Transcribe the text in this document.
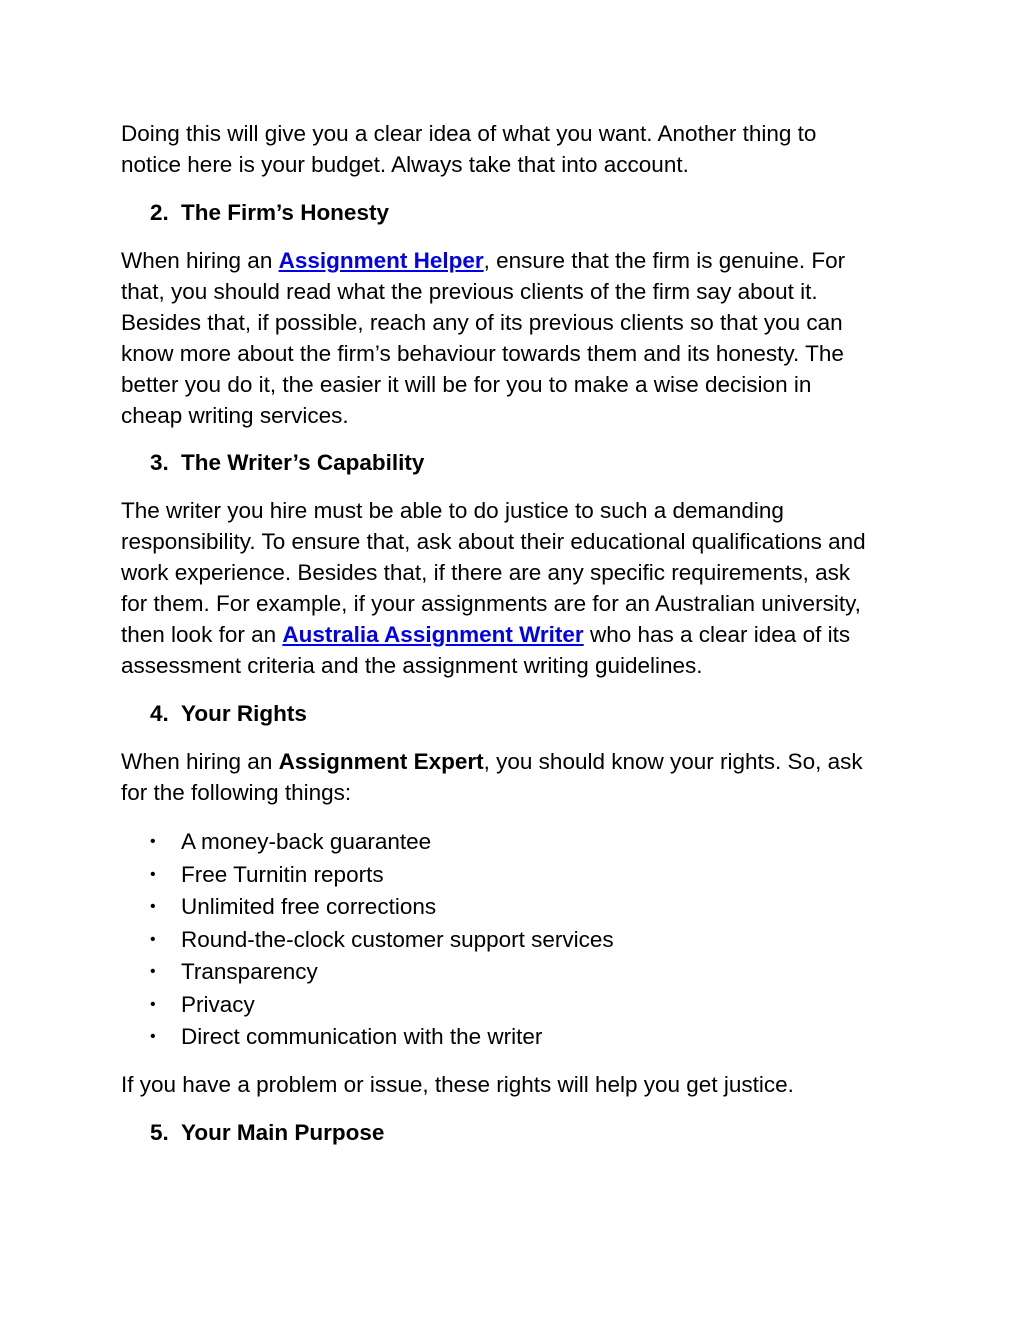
Doing this will give you a clear idea of what you want. Another thing to
notice here is your budget. Always take that into account.
2. The Firm’s Honesty
When hiring an Assignment Helper, ensure that the firm is genuine. For
that, you should read what the previous clients of the firm say about it.
Besides that, if possible, reach any of its previous clients so that you can
know more about the firm’s behaviour towards them and its honesty. The
better you do it, the easier it will be for you to make a wise decision in
cheap writing services.
3. The Writer’s Capability
The writer you hire must be able to do justice to such a demanding
responsibility. To ensure that, ask about their educational qualifications and
work experience. Besides that, if there are any specific requirements, ask
for them. For example, if your assignments are for an Australian university,
then look for an Australia Assignment Writer who has a clear idea of its
assessment criteria and the assignment writing guidelines.
4. Your Rights
When hiring an Assignment Expert, you should know your rights. So, ask
for the following things:
• A money-back guarantee
• Free Turnitin reports
• Unlimited free corrections
• Round-the-clock customer support services
• Transparency
• Privacy
• Direct communication with the writer
If you have a problem or issue, these rights will help you get justice.
5. Your Main Purpose
